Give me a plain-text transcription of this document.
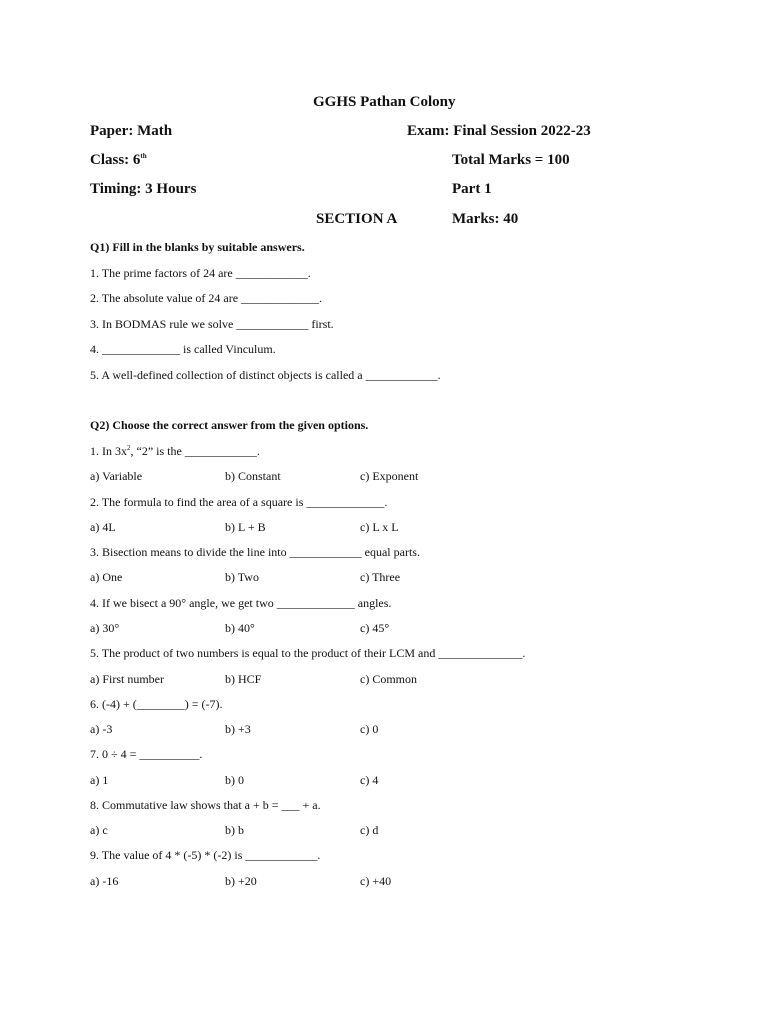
GGHS Pathan Colony
Paper: Math	Exam: Final Session 2022-23
Class: 6th	Total Marks = 100
Timing: 3 Hours	Part 1
SECTION A	Marks: 40
Q1) Fill in the blanks by suitable answers.
1. The prime factors of 24 are ____________.
2. The absolute value of 24 are _____________.
3. In BODMAS rule we solve ____________ first.
4. _____________ is called Vinculum.
5. A well-defined collection of distinct objects is called a ____________.
Q2) Choose the correct answer from the given options.
1. In $3x^2$, “2” is the ____________.
a) Variable	b) Constant	c) Exponent
2. The formula to find the area of a square is _____________.
a) 4L	b) L + B	c) L x L
3. Bisection means to divide the line into ____________ equal parts.
a) One	b) Two	c) Three
4. If we bisect a 90° angle, we get two _____________ angles.
a) 30°	b) 40°	c) 45°
5. The product of two numbers is equal to the product of their LCM and ______________.
a) First number	b) HCF	c) Common
6. (-4) + (________) = (-7).
a) -3	b) +3	c) 0
7. 0 ÷ 4 = __________.
a) 1	b) 0	c) 4
8. Commutative law shows that a + b = ___ + a.
a) c	b) b	c) d
9. The value of 4 * (-5) * (-2) is ____________.
a) -16	b) +20	c) +40
